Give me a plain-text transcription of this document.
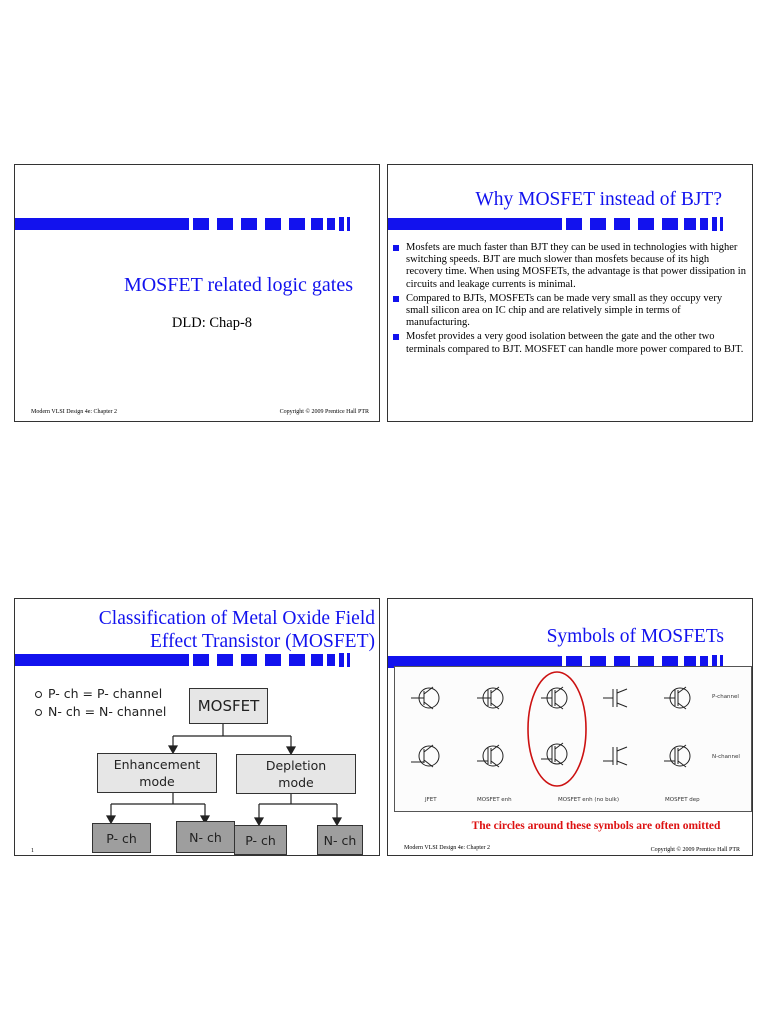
MOSFET related logic gates
DLD: Chap-8
Modern VLSI Design 4e: Chapter 2	Copyright © 2009 Prentice Hall PTR
Why MOSFET instead of BJT?
Mosfets are much faster than BJT they can be used in technologies with higher switching speeds. BJT are much slower than mosfets because of its high recovery time. When using MOSFETs, the advantage is that power dissipation in circuits and leakage currents is minimal.
Compared to BJTs, MOSFETs can be made very small as they occupy very small silicon area on IC chip and are relatively simple in terms of manufacturing.
Mosfet provides a very good isolation between the gate and the other two terminals compared to BJT. MOSFET can handle more power compared to BJT.
Classification of Metal Oxide Field
Effect Transistor (MOSFET)
P- ch = P- channel
N- ch = N- channel	MOSFET
Enhancement
mode
Depletion
mode
P- ch	N- ch	P- ch	N- ch
1
Symbols of MOSFETs
P-channel
N-channel
JFET	MOSFET enh	MOSFET enh (no bulk)	MOSFET dep
The circles around these symbols are often omitted
Modern VLSI Design 4e: Chapter 2	Copyright © 2009 Prentice Hall PTR
